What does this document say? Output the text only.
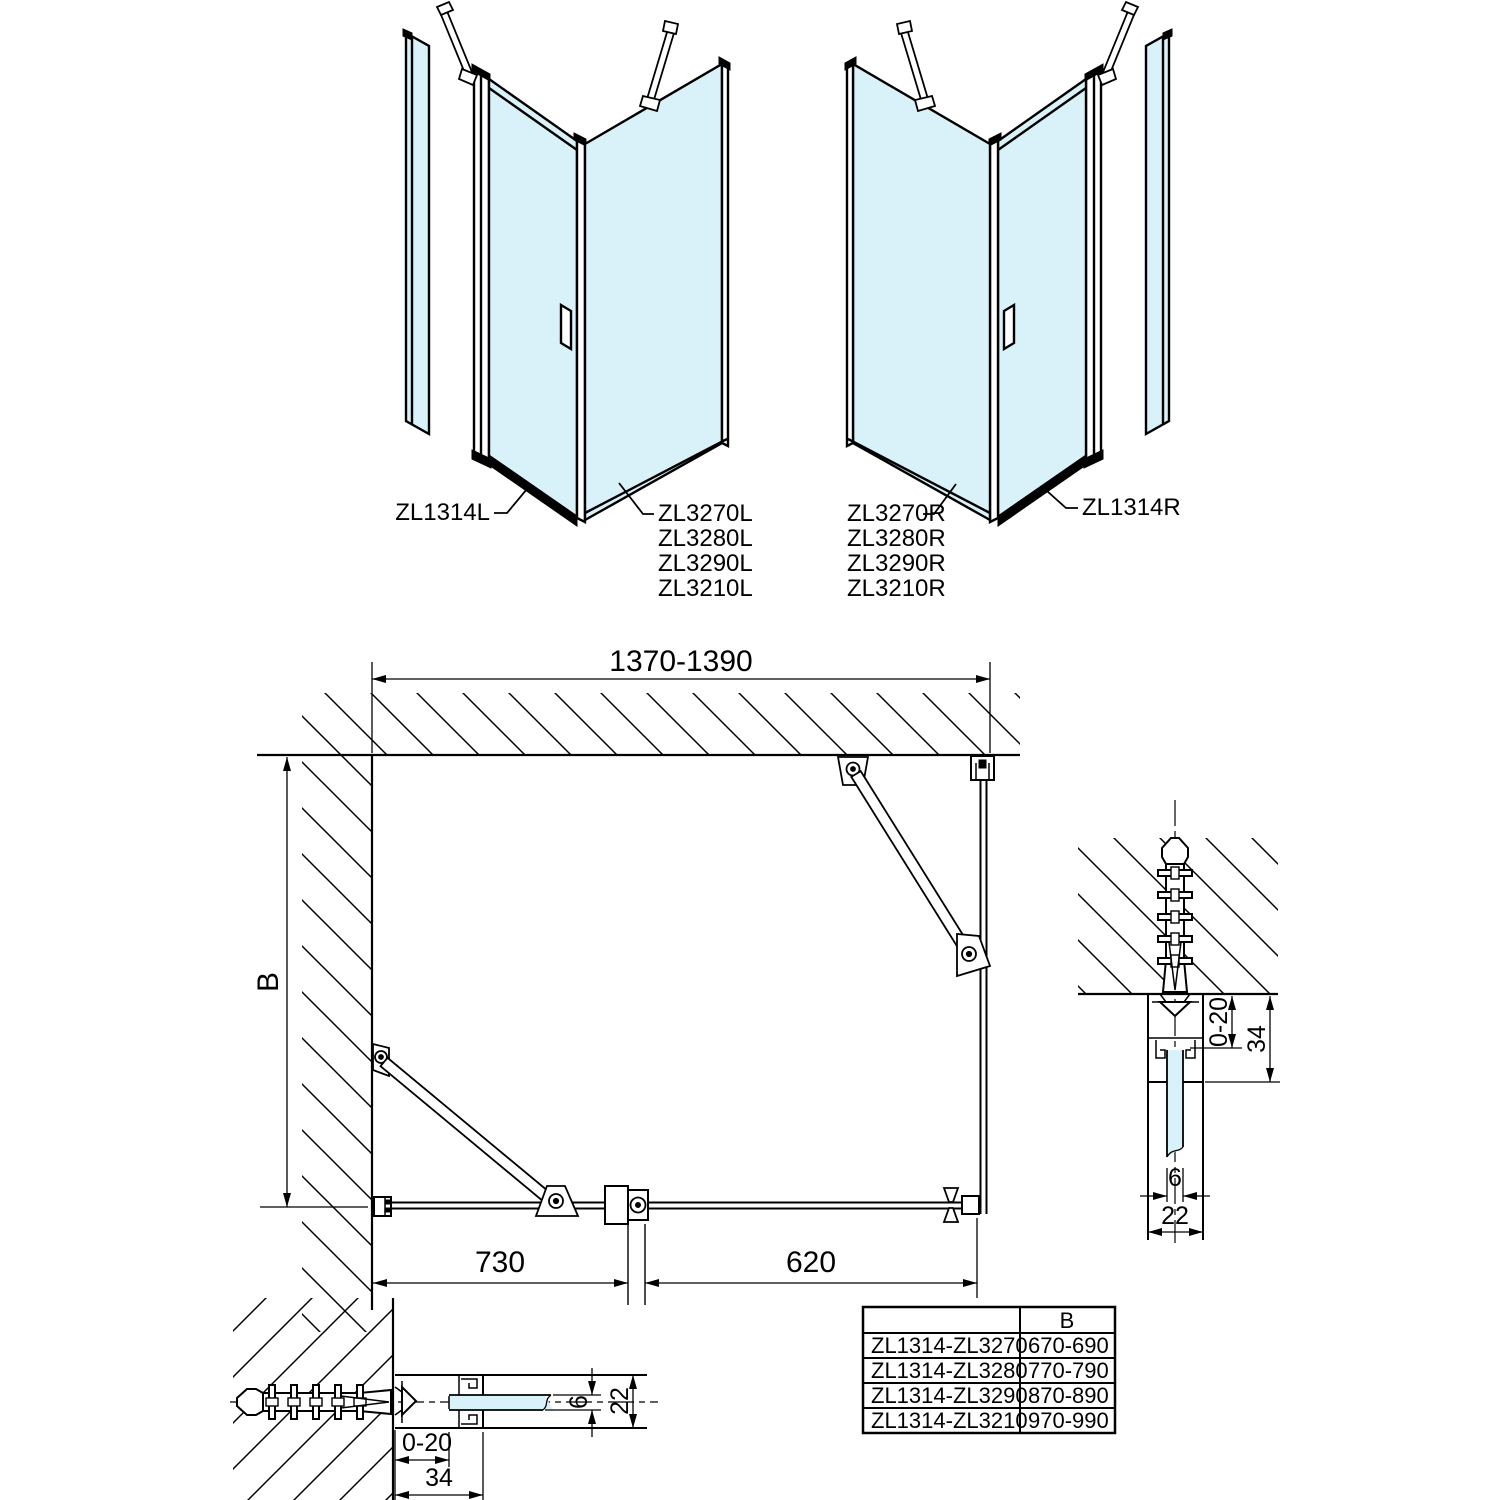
ZL1314L	ZL3270L
ZL3280L
ZL3290L
ZL3210L
ZL3270R
ZL3280R
ZL3290R
ZL3210R
ZL1314R
1370-1390
B
730	620
0-20 34
6
22
0-20
34
6 22
B
ZL1314-ZL3270 670-690
ZL1314-ZL3280 770-790
ZL1314-ZL3290 870-890
ZL1314-ZL3210 970-990
